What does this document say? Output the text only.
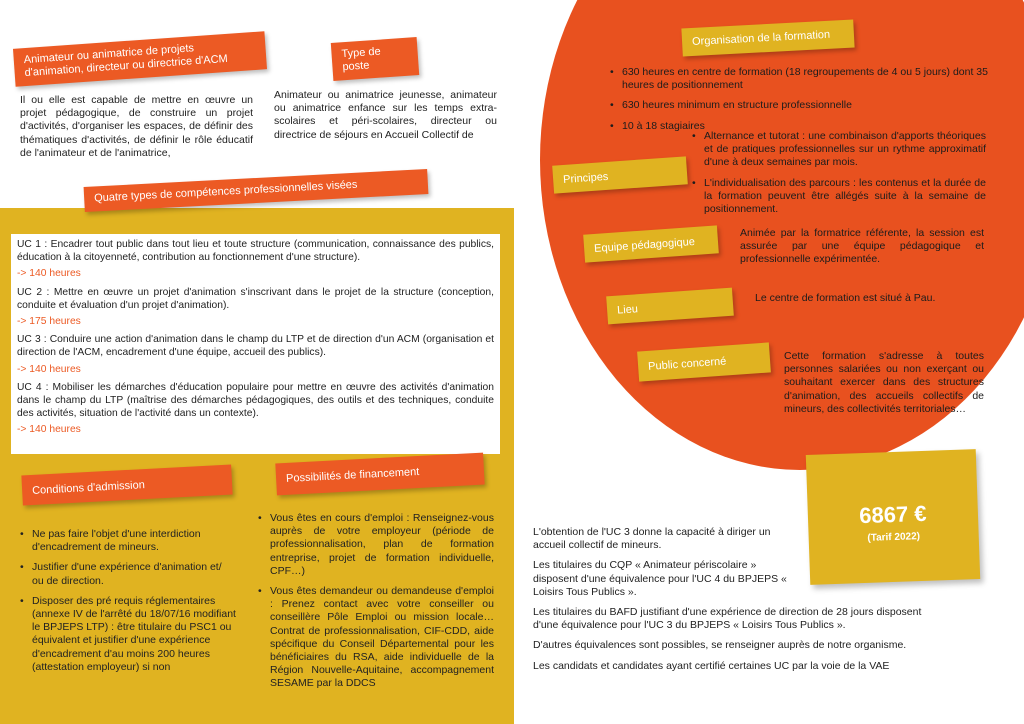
Animateur ou animatrice de projets d'animation, directeur ou directrice d'ACM
Il ou elle est capable de mettre en œuvre un projet pédagogique, de construire un projet d'activités, d'organiser les espaces, de définir des thématiques d'activités, de définir le rôle éducatif de l'animateur et de l'animatrice,
Type de poste
Animateur ou animatrice jeunesse, animateur ou animatrice enfance sur les temps extra-scolaires et péri-scolaires, directeur ou directrice de séjours en Accueil Collectif de
Quatre types de compétences professionnelles visées

UC 1 : Encadrer tout public dans tout lieu et toute structure (communication, connaissance des publics, éducation à la citoyenneté, contribution au fonctionnement d'une structure).

-> 140 heures

UC 2 : Mettre en œuvre un projet d'animation s'inscrivant dans le projet de la structure (conception, conduite et évaluation d'un projet d'animation).

-> 175 heures

UC 3 : Conduire une action d'animation dans le champ du LTP et de direction d'un ACM (organisation et direction de l'ACM, encadrement d'une équipe, accueil des publics).

-> 140 heures

UC 4 : Mobiliser les démarches d'éducation populaire pour mettre en œuvre des activités d'animation dans le champ du LTP (maîtrise des démarches pédagogiques, des outils et des techniques, conduite des activités, situation de l'activité dans un contexte).

-> 140 heures

Conditions d'admission
• Ne pas faire l'objet d'une interdiction d'encadrement de mineurs.
• Justifier d'une expérience d'animation et/ ou de direction.
• Disposer des pré requis réglementaires (annexe IV de l'arrêté du 18/07/16 modifiant le BPJEPS LTP) : être titulaire du PSC1 ou équivalent et justifier d'une expérience d'encadrement d'au moins 200 heures (attestation employeur) si non
Possibilités de financement
• Vous êtes en cours d'emploi : Renseignez-vous auprès de votre employeur (période de professionnalisation, plan de formation entreprise, projet de formation individuelle, CPF…)
• Vous êtes demandeur ou demandeuse d'emploi : Prenez contact avec votre conseiller ou conseillère Pôle Emploi ou mission locale… Contrat de professionnalisation, CIF-CDD, aide spécifique du Conseil Départemental pour les bénéficiaires du RSA, aide individuelle de la Région Nouvelle-Aquitaine, accompagnement SESAME par la DDCS
Organisation de la formation
• 630 heures en centre de formation (18 regroupements de 4 ou 5 jours) dont 35 heures de positionnement
• 630 heures minimum en structure professionnelle
• 10 à 18 stagiaires
Principes
• Alternance et tutorat : une combinaison d'apports théoriques et de pratiques professionnelles sur un rythme approximatif d'une à deux semaines par mois.
• L'individualisation des parcours : les contenus et la durée de la formation peuvent être allégés suite à la semaine de positionnement.
Equipe pédagogique
Animée par la formatrice référente, la session est assurée par une équipe pédagogique et professionnelle expérimentée.
Lieu
Le centre de formation est situé à Pau.
Public concerné	Cette formation s'adresse à toutes personnes salariées ou non exerçant ou souhaitant exercer dans des structures d'animation, des accueils collectifs de mineurs, des collectivités territoriales…
6867 €
(Tarif 2022)

L'obtention de l'UC 3 donne la capacité à diriger un accueil collectif de mineurs.

Les titulaires du CQP « Animateur périscolaire » disposent d'une équivalence pour l'UC 4 du BPJEPS « Loisirs Tous Publics ».

Les titulaires du BAFD justifiant d'une expérience de direction de 28 jours disposent d'une équivalence pour l'UC 3 du BPJEPS « Loisirs Tous Publics ».

D'autres équivalences sont possibles, se renseigner auprès de notre organisme.

Les candidats et candidates ayant certifié certaines UC par la voie de la VAE
